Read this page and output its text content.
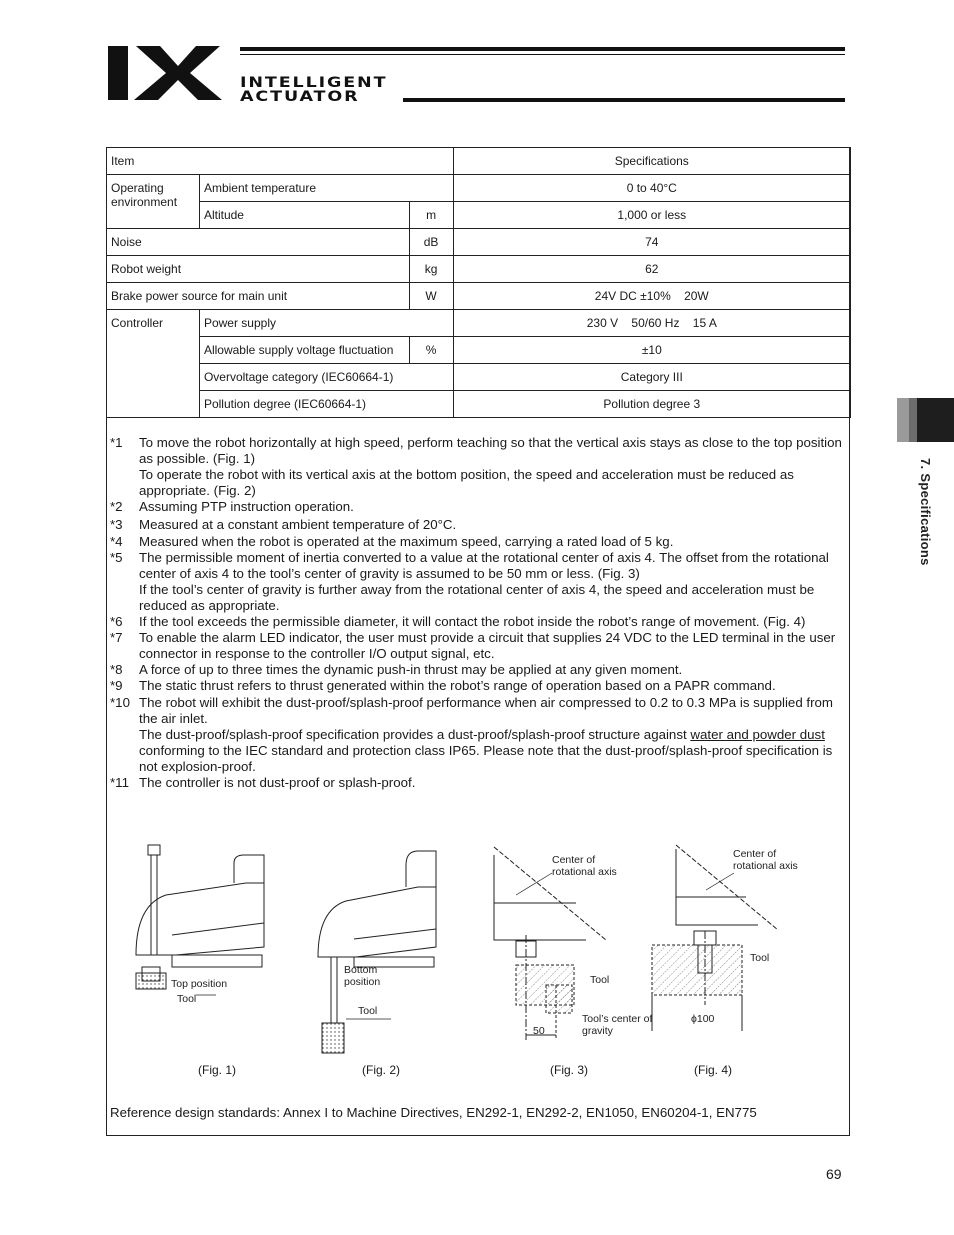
INTELLIGENT
ACTUATOR
7. Specifications
Item			Specifications
Operating environment	Ambient temperature		0 to 40°C
	Altitude	m	1,000 or less
Noise		dB	74
Robot weight		kg	62
Brake power source for main unit		W	24V DC ±10%    20W
Controller	Power supply		230 V    50/60 Hz    15 A
	Allowable supply voltage fluctuation	%	±10
	Overvoltage category (IEC60664-1)		Category III
	Pollution degree (IEC60664-1)		Pollution degree 3
*1	To move the robot horizontally at high speed, perform teaching so that the vertical axis stays as close to the top position as possible. (Fig. 1)
To operate the robot with its vertical axis at the bottom position, the speed and acceleration must be reduced as appropriate. (Fig. 2)
*2	Assuming PTP instruction operation.
*3	Measured at a constant ambient temperature of 20°C.
*4	Measured when the robot is operated at the maximum speed, carrying a rated load of 5 kg.
*5	The permissible moment of inertia converted to a value at the rotational center of axis 4. The offset from the rotational center of axis 4 to the tool’s center of gravity is assumed to be 50 mm or less. (Fig. 3)
If the tool’s center of gravity is further away from the rotational center of axis 4, the speed and acceleration must be reduced as appropriate.
*6	If the tool exceeds the permissible diameter, it will contact the robot inside the robot’s range of movement. (Fig. 4)
*7	To enable the alarm LED indicator, the user must provide a circuit that supplies 24 VDC to the LED terminal in the user connector in response to the controller I/O output signal, etc.
*8	A force of up to three times the dynamic push-in thrust may be applied at any given moment.
*9	The static thrust refers to thrust generated within the robot’s range of operation based on a PAPR command.
*10 The robot will exhibit the dust-proof/splash-proof performance when air compressed to 0.2 to 0.3 MPa is supplied from the air inlet.
The dust-proof/splash-proof specification provides a dust-proof/splash-proof structure against water and powder dust conforming to the IEC standard and protection class IP65. Please note that the dust-proof/splash-proof specification is not explosion-proof.
*11 The controller is not dust-proof or splash-proof.
Top position
Tool
Bottom
position
Tool
Center of
rotational axis
Tool
Tool’s center of
gravity
50
Center of
rotational axis
Tool
ϕ100
(Fig. 1)	(Fig. 2)	(Fig. 3)	(Fig. 4)
Reference design standards: Annex I to Machine Directives, EN292-1, EN292-2, EN1050, EN60204-1, EN775
69
